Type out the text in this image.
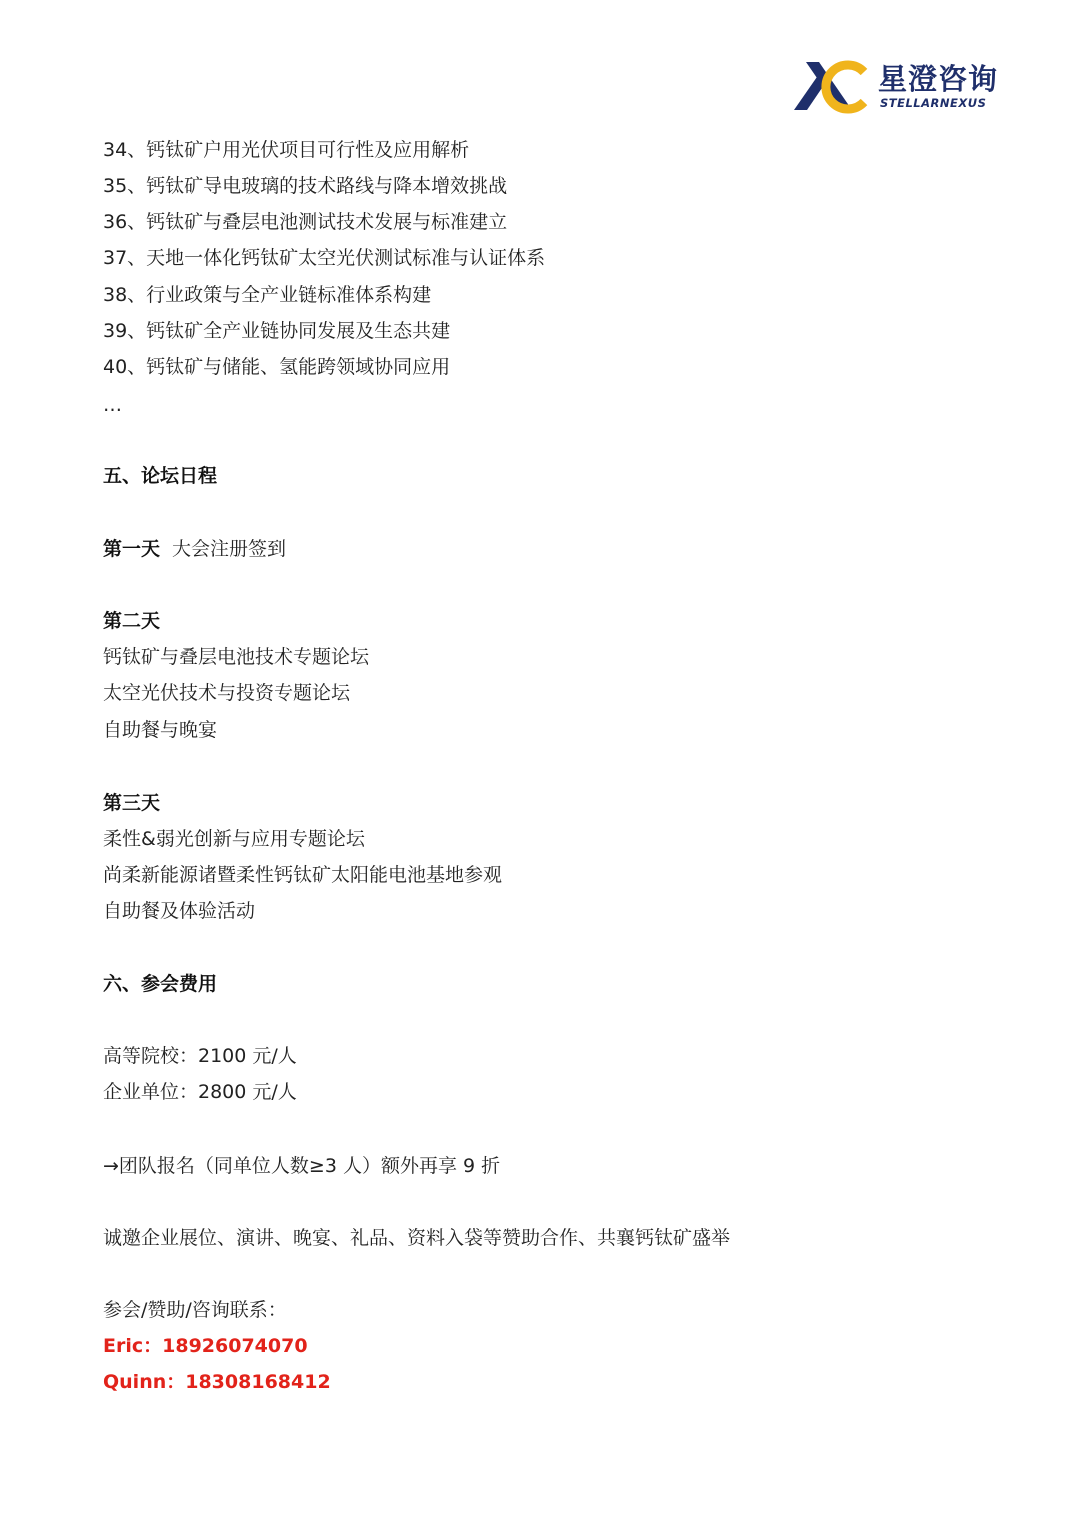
星澄咨询
STELLARNEXUS
34、钙钛矿户用光伏项目可行性及应用解析
35、钙钛矿导电玻璃的技术路线与降本增效挑战
36、钙钛矿与叠层电池测试技术发展与标准建立
37、天地一体化钙钛矿太空光伏测试标准与认证体系
38、行业政策与全产业链标准体系构建
39、钙钛矿全产业链协同发展及生态共建
40、钙钛矿与储能、氢能跨领域协同应用
…
五、论坛日程
第一天 大会注册签到
第二天
钙钛矿与叠层电池技术专题论坛
太空光伏技术与投资专题论坛
自助餐与晚宴
第三天
柔性&弱光创新与应用专题论坛
尚柔新能源诸暨柔性钙钛矿太阳能电池基地参观
自助餐及体验活动
六、参会费用
高等院校：2100 元/人
企业单位：2800 元/人
→团队报名（同单位人数≥3 人）额外再享 9 折
诚邀企业展位、演讲、晚宴、礼品、资料入袋等赞助合作、共襄钙钛矿盛举
参会/赞助/咨询联系：
Eric：18926074070
Quinn：18308168412
